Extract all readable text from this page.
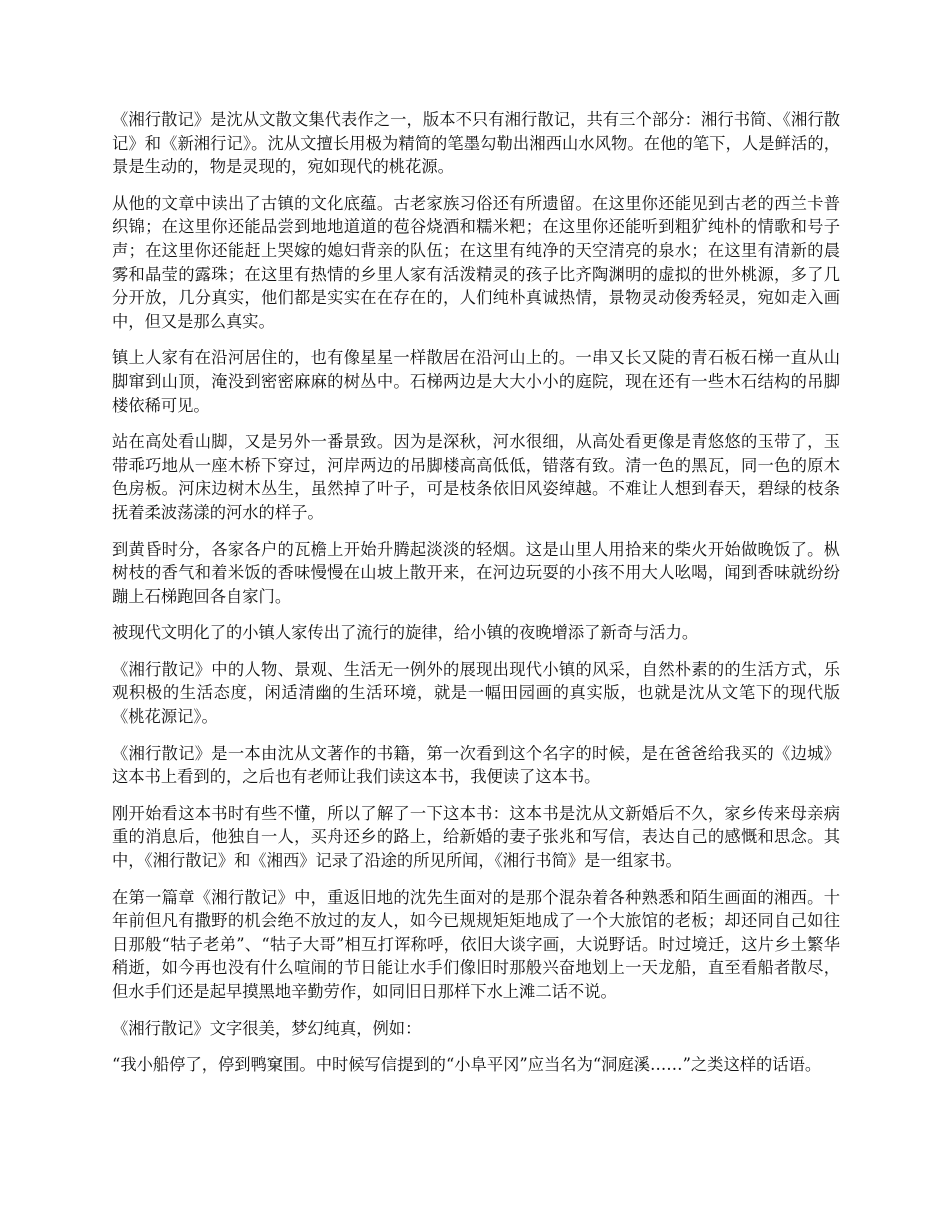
《湘行散记》是沈从文散文集代表作之一，版本不只有湘行散记，共有三个部分：湘行书简、《湘行散记》和《新湘行记》。沈从文擅长用极为精简的笔墨勾勒出湘西山水风物。在他的笔下，人是鲜活的，景是生动的，物是灵现的，宛如现代的桃花源。

从他的文章中读出了古镇的文化底蕴。古老家族习俗还有所遗留。在这里你还能见到古老的西兰卡普织锦；在这里你还能品尝到地地道道的苞谷烧酒和糯米粑；在这里你还能听到粗犷纯朴的情歌和号子声；在这里你还能赶上哭嫁的媳妇背亲的队伍；在这里有纯净的天空清亮的泉水；在这里有清新的晨雾和晶莹的露珠；在这里有热情的乡里人家有活泼精灵的孩子比齐陶渊明的虚拟的世外桃源，多了几分开放，几分真实，他们都是实实在在存在的，人们纯朴真诚热情，景物灵动俊秀轻灵，宛如走入画中，但又是那么真实。

镇上人家有在沿河居住的，也有像星星一样散居在沿河山上的。一串又长又陡的青石板石梯一直从山脚窜到山顶，淹没到密密麻麻的树丛中。石梯两边是大大小小的庭院，现在还有一些木石结构的吊脚楼依稀可见。

站在高处看山脚，又是另外一番景致。因为是深秋，河水很细，从高处看更像是青悠悠的玉带了，玉带乖巧地从一座木桥下穿过，河岸两边的吊脚楼高高低低，错落有致。清一色的黑瓦，同一色的原木色房板。河床边树木丛生，虽然掉了叶子，可是枝条依旧风姿绰越。不难让人想到春天，碧绿的枝条抚着柔波荡漾的河水的样子。

到黄昏时分，各家各户的瓦檐上开始升腾起淡淡的轻烟。这是山里人用拾来的柴火开始做晚饭了。枞树枝的香气和着米饭的香味慢慢在山坡上散开来，在河边玩耍的小孩不用大人吆喝，闻到香味就纷纷蹦上石梯跑回各自家门。

被现代文明化了的小镇人家传出了流行的旋律，给小镇的夜晚增添了新奇与活力。

《湘行散记》中的人物、景观、生活无一例外的展现出现代小镇的风采，自然朴素的的生活方式，乐观积极的生活态度，闲适清幽的生活环境，就是一幅田园画的真实版，也就是沈从文笔下的现代版《桃花源记》。

《湘行散记》是一本由沈从文著作的书籍，第一次看到这个名字的时候，是在爸爸给我买的《边城》这本书上看到的，之后也有老师让我们读这本书，我便读了这本书。

刚开始看这本书时有些不懂，所以了解了一下这本书：这本书是沈从文新婚后不久，家乡传来母亲病重的消息后，他独自一人，买舟还乡的路上，给新婚的妻子张兆和写信，表达自己的感慨和思念。其中，《湘行散记》和《湘西》记录了沿途的所见所闻，《湘行书简》是一组家书。

在第一篇章《湘行散记》中，重返旧地的沈先生面对的是那个混杂着各种熟悉和陌生画面的湘西。十年前但凡有撒野的机会绝不放过的友人，如今已规规矩矩地成了一个大旅馆的老板；却还同自己如往日那般“牯子老弟”、“牯子大哥”相互打诨称呼，依旧大谈字画，大说野话。时过境迁，这片乡土繁华稍逝，如今再也没有什么喧闹的节日能让水手们像旧时那般兴奋地划上一天龙船，直至看船者散尽，但水手们还是起早摸黑地辛勤劳作，如同旧日那样下水上滩二话不说。

《湘行散记》文字很美，梦幻纯真，例如：

“我小船停了，停到鸭窠围。中时候写信提到的“小阜平冈”应当名为“洞庭溪……”之类这样的话语。
